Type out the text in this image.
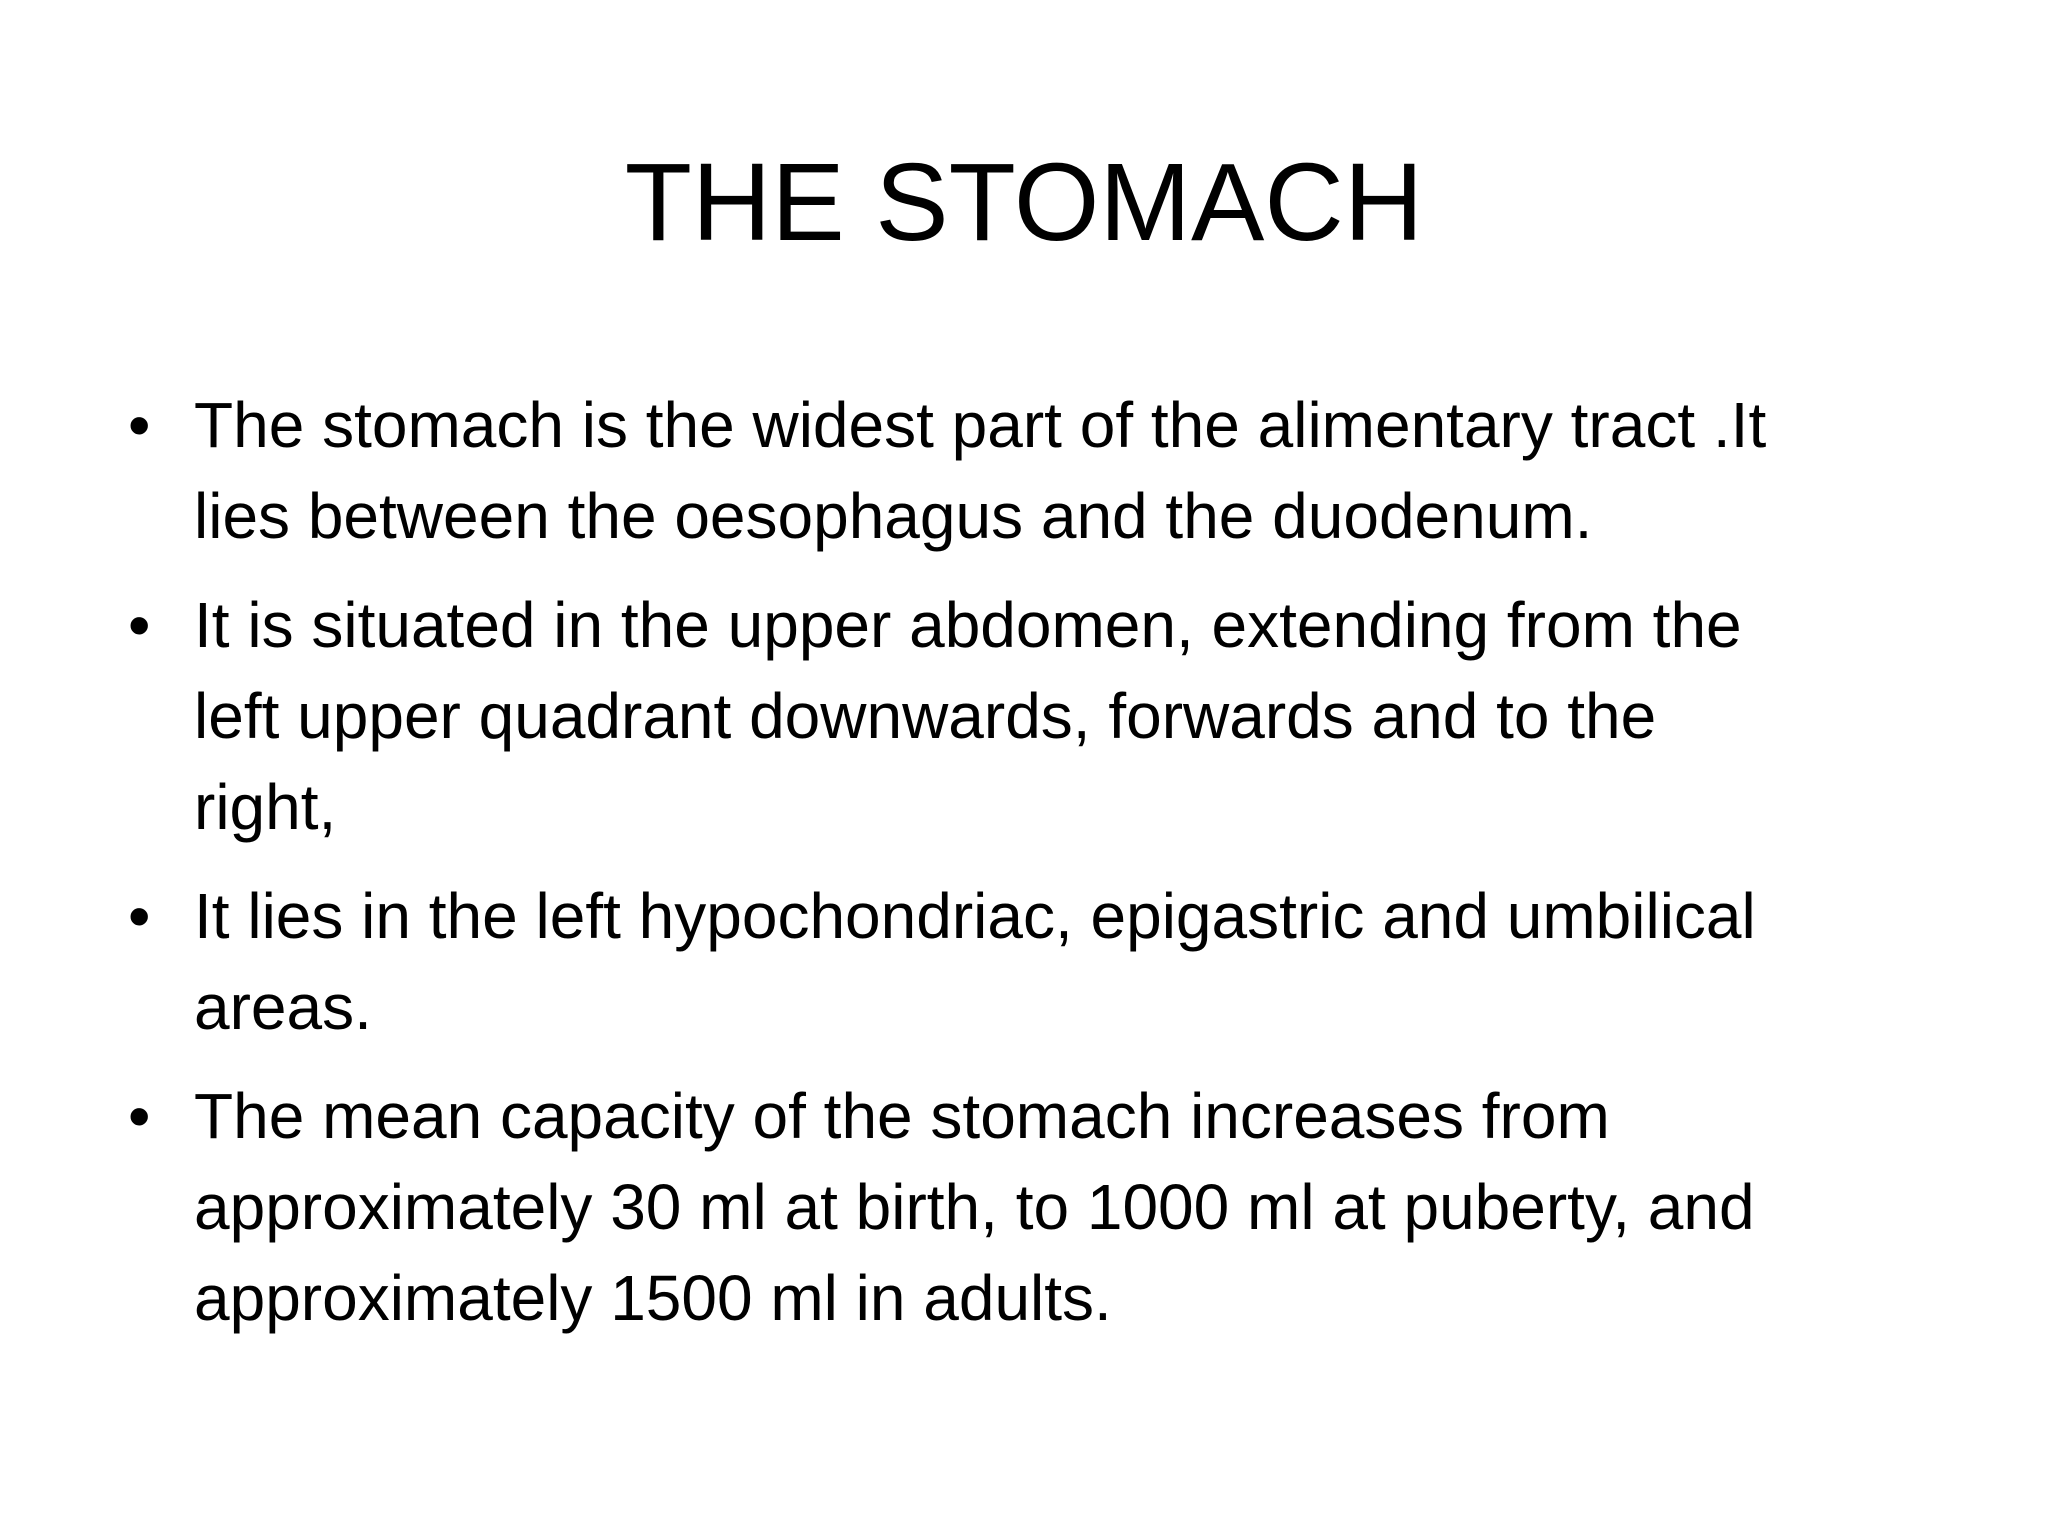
THE STOMACH
• The stomach is the widest part of the alimentary tract .It
lies between the oesophagus and the duodenum.
• It is situated in the upper abdomen, extending from the
left upper quadrant downwards, forwards and to the
right,
• It lies in the left hypochondriac, epigastric and umbilical
areas.
• The mean capacity of the stomach increases from
approximately 30 ml at birth, to 1000 ml at puberty, and
approximately 1500 ml in adults.
